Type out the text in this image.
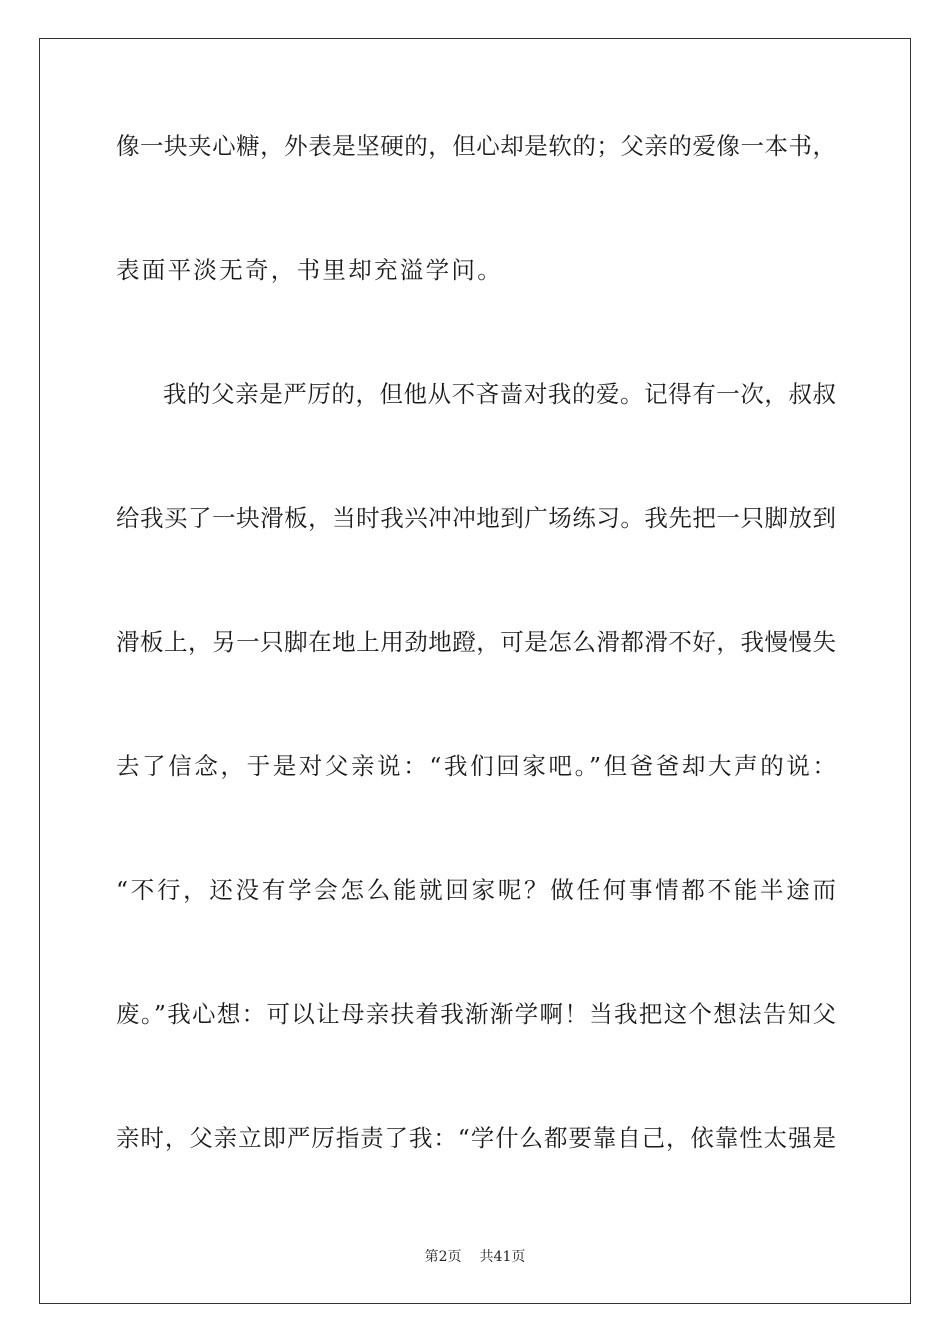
像一块夹心糖，外表是坚硬的，但心却是软的；父亲的爱像一本书，
表面平淡无奇，书里却充溢学问。
我的父亲是严厉的，但他从不吝啬对我的爱。记得有一次，叔叔
给我买了一块滑板，当时我兴冲冲地到广场练习。我先把一只脚放到
滑板上，另一只脚在地上用劲地蹬，可是怎么滑都滑不好，我慢慢失
去了信念，于是对父亲说：“我们回家吧。”但爸爸却大声的说：
“不行，还没有学会怎么能就回家呢？做任何事情都不能半途而
废。”我心想：可以让母亲扶着我渐渐学啊！当我把这个想法告知父
亲时，父亲立即严厉指责了我：“学什么都要靠自己，依靠性太强是
第2页 共41页
